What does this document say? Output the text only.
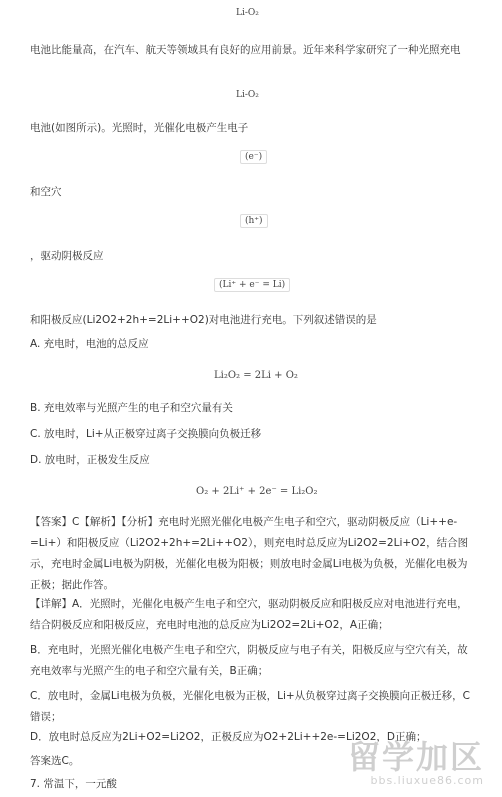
Li-O₂
电池比能量高，在汽车、航天等领域具有良好的应用前景。近年来科学家研究了一种光照充电
Li-O₂
电池(如图所示)。光照时，光催化电极产生电子
(e⁻)
和空穴
(h⁺)
，驱动阴极反应
(Li⁺ + e⁻ = Li)
和阳极反应(Li2O2+2h+=2Li++O2)对电池进行充电。下列叙述错误的是
A. 充电时，电池的总反应
Li₂O₂ = 2Li + O₂
B. 充电效率与光照产生的电子和空穴量有关
C. 放电时，Li+从正极穿过离子交换膜向负极迁移
D. 放电时，正极发生反应
O₂ + 2Li⁺ + 2e⁻ = Li₂O₂
【答案】C【解析】【分析】充电时光照光催化电极产生电子和空穴，驱动阴极反应（Li++e-=Li+）和阳极反应（Li2O2+2h+=2Li++O2），则充电时总反应为Li2O2=2Li+O2，结合图示，充电时金属Li电极为阴极，光催化电极为阳极；则放电时金属Li电极为负极，光催化电极为正极；据此作答。
【详解】A．光照时，光催化电极产生电子和空穴，驱动阴极反应和阳极反应对电池进行充电，结合阴极反应和阳极反应，充电时电池的总反应为Li2O2=2Li+O2，A正确；
B．充电时，光照光催化电极产生电子和空穴，阴极反应与电子有关，阳极反应与空穴有关，故充电效率与光照产生的电子和空穴量有关，B正确；
C．放电时，金属Li电极为负极，光催化电极为正极，Li+从负极穿过离子交换膜向正极迁移，C错误；
D．放电时总反应为2Li+O2=Li2O2，正极反应为O2+2Li++2e-=Li2O2，D正确；
答案选C。
7. 常温下，一元酸
留学加区
bbs.liuxue86.com
